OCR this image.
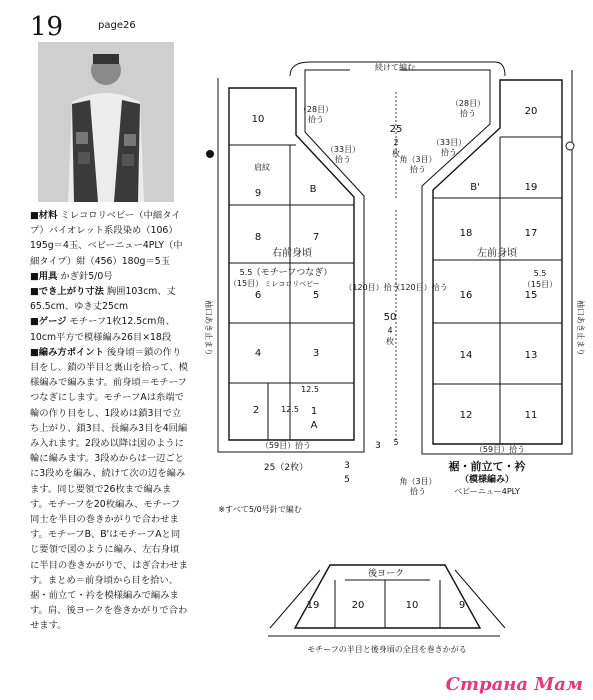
19	page26

■材料 ミレコロリベビー（中細タイプ）バイオレット系段染め（106）195g＝4玉、ベビーニュー4PLY（中細タイプ）紺（456）180g＝5玉

■用具 かぎ針5/0号

■でき上がり寸法 胸囲103cm、丈65.5cm、ゆき丈25cm

■ゲージ モチーフ1枚12.5cm角、10cm平方で模様編み26目×18段

■編み方ポイント 後身頃＝鎖の作り目をし、鎖の半目と裏山を拾って、模様編みで編みます。前身頃＝モチーフつなぎにします。モチーフAは糸端で輪の作り目をし、1段めは鎖3目で立ち上がり、鎖3目、長編み3目を4回編み入れます。2段め以降は図のように輪に編みます。3段めからは一辺ごとに3段めを編み、続けて次の辺を編みます。同じ要領で26枚まで編みます。モチーフを20枚編み、モチーフ同士を半目の巻きかがりで合わせます。モチーフB、B'はモチーフAと同じ要領で図のように編み、左右身頃に半目の巻きかがりで、はぎ合わせます。まとめ＝前身頃から目を拾い、裾・前立て・衿を模様編みで編みます。肩、後ヨークを巻きかがりで合わせます。

10
9	B
8	7
6	5
4	3
2	1
A
肩紋
右前身頃
（モチーフつなぎ）
ミレコロリベビー
20
B'	19
18	17
16	15
14	13
12	11
左前身頃
続けて編む
（28目）
拾う
（28目）
拾う
（33目）
拾う
（33目）
拾う
角（3目）
拾う
25
2
枚
50
4
枚
（120目）拾う
（120目）拾う
3 5
5.5
（15目）
5.5
（15目）
12.5
12.5
（59目）拾う	（59目）拾う
25（2枚）	3
5	角（3目）
拾う
裾・前立て・衿
（模様編み）
ベビーニュー4PLY
※すべて5/0号針で編む
後ヨーク
19	20	10	9
モチーフの半目と後身頃の全目を巻きかがる
袖口あき止まり	袖口あき止まり
Страна Мам
